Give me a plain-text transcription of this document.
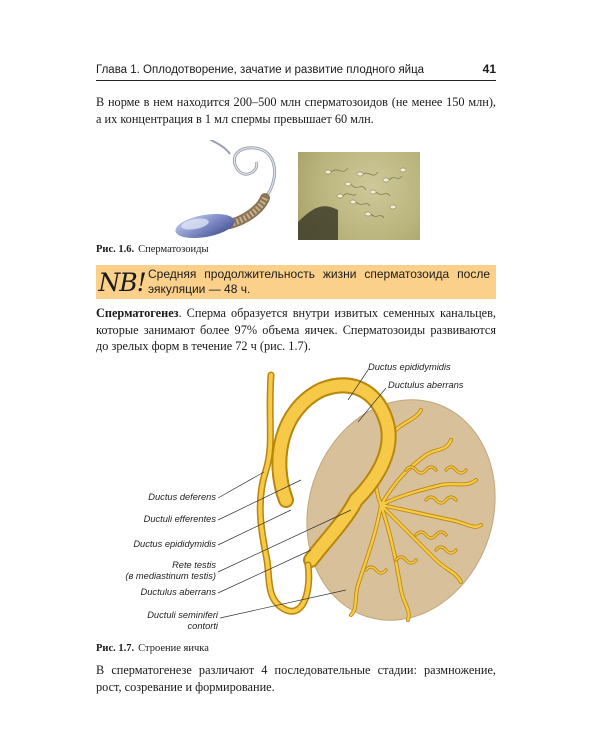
Глава 1. Оплодотворение, зачатие и развитие плодного яйца	41
В норме в нем находится 200–500 млн сперматозоидов (не менее 150 млн), а их концентрация в 1 мл спермы превышает 60 млн.
Рис. 1.6. Сперматозоиды
NB! Средняя продолжительность жизни сперматозоида после эякуляции — 48 ч.
Сперматогенез. Сперма образуется внутри извитых семенных канальцев, которые занимают более 97% объема яичек. Сперматозоиды развиваются до зрелых форм в течение 72 ч (рис. 1.7).
Ductus epididymidis
Ductulus aberrans
Ductus deferens
Ductuli efferentes
Ductus epididymidis
Rete testis
(в mediastinum testis)
Ductulus aberrans
Ductuli seminiferi
contorti
Рис. 1.7. Строение яичка
В сперматогенезе различают 4 последовательные стадии: размножение, рост, созревание и формирование.
